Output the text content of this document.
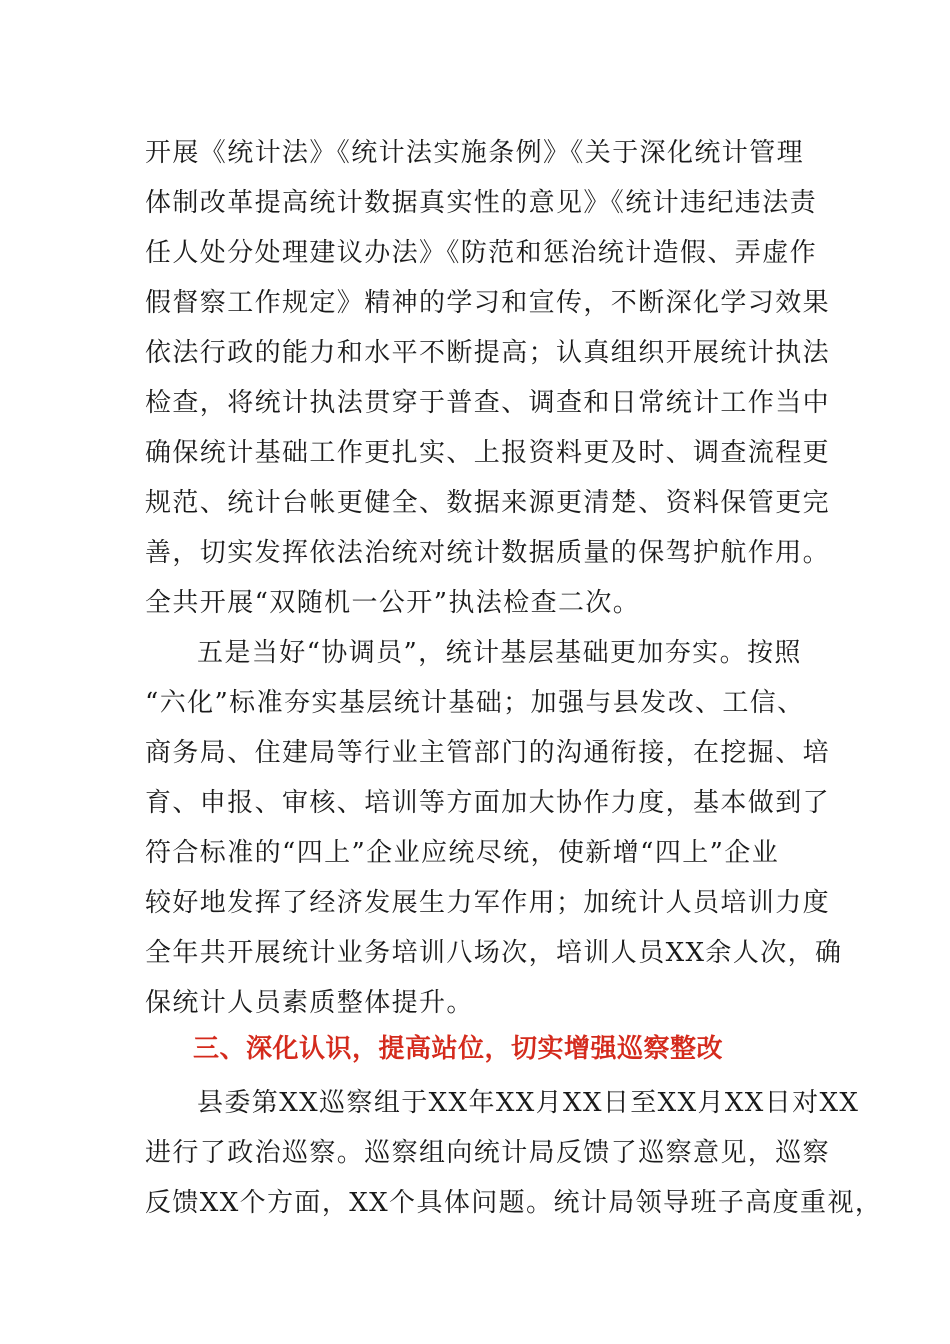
开展《统计法》《统计法实施条例》《关于深化统计管理
体制改革提高统计数据真实性的意见》《统计违纪违法责
任人处分处理建议办法》《防范和惩治统计造假、弄虚作
假督察工作规定》精神的学习和宣传，不断深化学习效果
依法行政的能力和水平不断提高；认真组织开展统计执法
检查，将统计执法贯穿于普查、调查和日常统计工作当中
确保统计基础工作更扎实、上报资料更及时、调查流程更
规范、统计台帐更健全、数据来源更清楚、资料保管更完
善，切实发挥依法治统对统计数据质量的保驾护航作用。
全共开展“双随机一公开”执法检查二次。
五是当好“协调员”，统计基层基础更加夯实。按照
“六化”标准夯实基层统计基础；加强与县发改、工信、
商务局、住建局等行业主管部门的沟通衔接，在挖掘、培
育、申报、审核、培训等方面加大协作力度，基本做到了
符合标准的“四上”企业应统尽统，使新增“四上”企业
较好地发挥了经济发展生力军作用；加统计人员培训力度
全年共开展统计业务培训八场次，培训人员XX余人次，确
保统计人员素质整体提升。
三、深化认识，提高站位，切实增强巡察整改
县委第XX巡察组于XX年XX月XX日至XX月XX日对XX
进行了政治巡察。巡察组向统计局反馈了巡察意见，巡察
反馈XX个方面，XX个具体问题。统计局领导班子高度重视，
